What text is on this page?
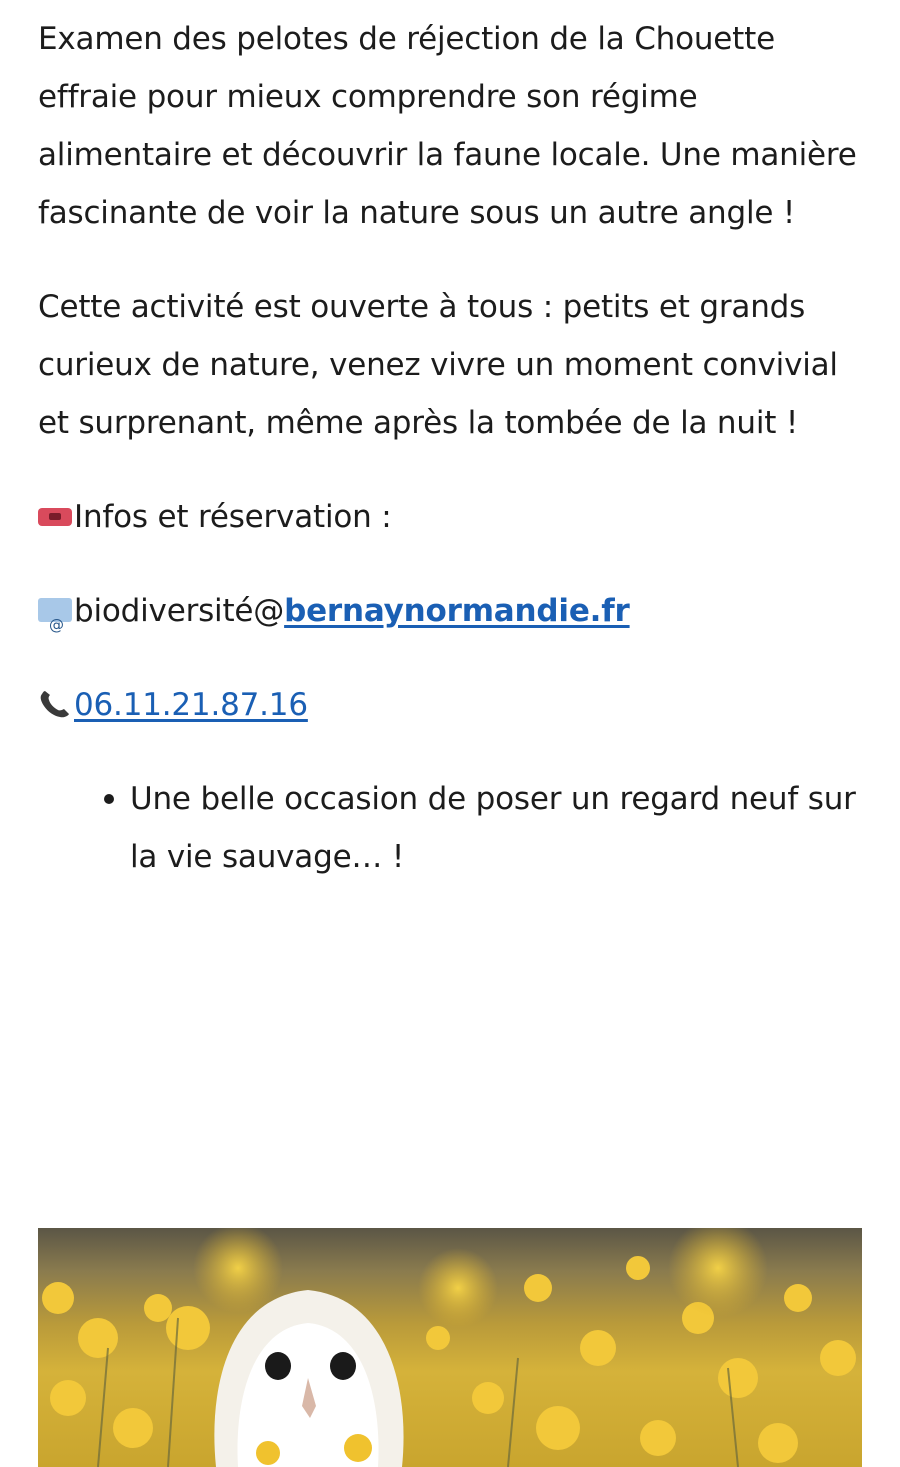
Examen des pelotes de réjection de la Chouette effraie pour mieux comprendre son régime alimentaire et découvrir la faune locale. Une manière fascinante de voir la nature sous un autre angle !

Cette activité est ouverte à tous : petits et grands curieux de nature, venez vivre un moment convivial et surprenant, même après la tombée de la nuit !

Infos et réservation :
@
biodiversité@ bernaynormandie.fr
06.11.21.87.16
Une belle occasion de poser un regard neuf sur la vie sauvage… !
